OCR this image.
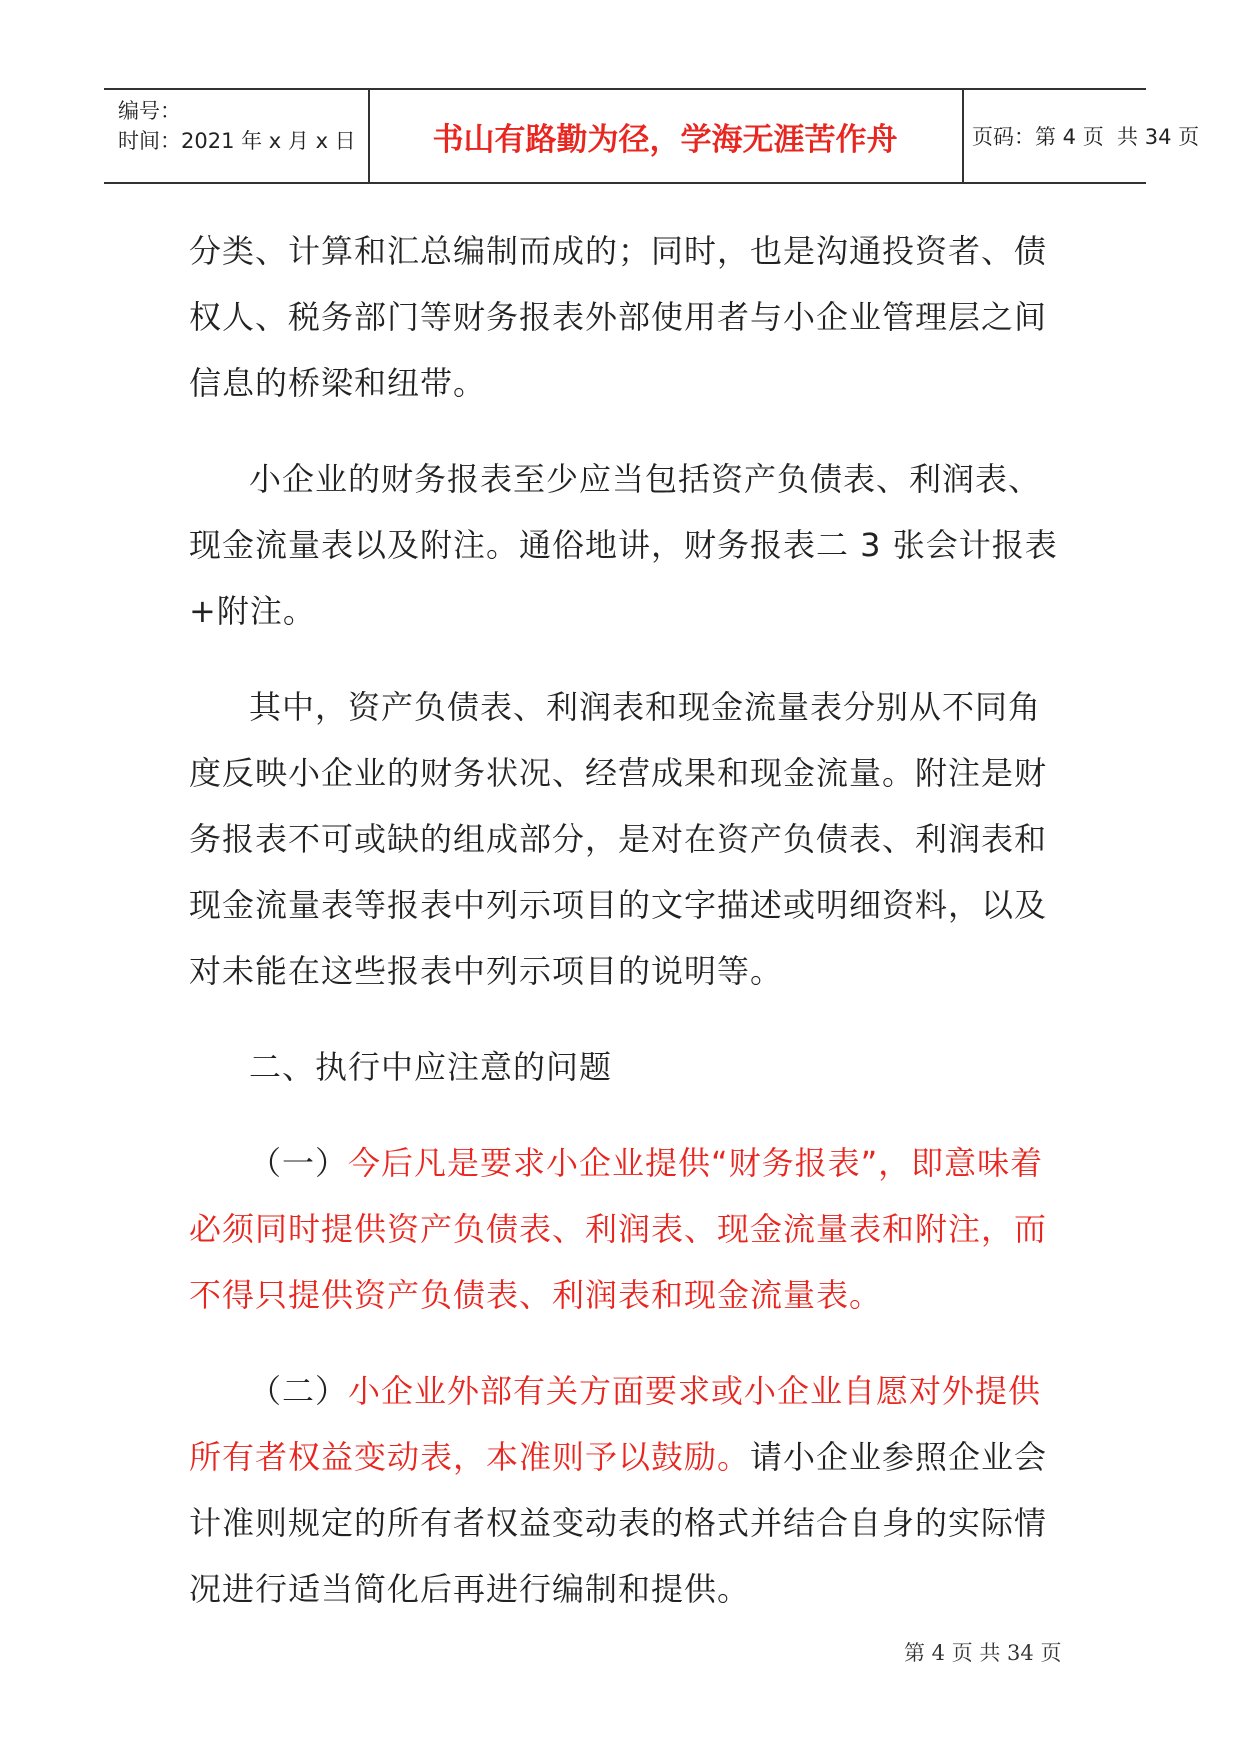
编号：
时间：2021 年 x 月 x 日	书山有路勤为径，学海无涯苦作舟	页码：第 4 页  共 34 页

分类、计算和汇总编制而成的；同时，也是沟通投资者、债权人、税务部门等财务报表外部使用者与小企业管理层之间信息的桥梁和纽带。

小企业的财务报表至少应当包括资产负债表、利润表、现金流量表以及附注。通俗地讲，财务报表二 3 张会计报表+附注。

其中，资产负债表、利润表和现金流量表分别从不同角度反映小企业的财务状况、经营成果和现金流量。附注是财务报表不可或缺的组成部分，是对在资产负债表、利润表和现金流量表等报表中列示项目的文字描述或明细资料，以及对未能在这些报表中列示项目的说明等。

二、执行中应注意的问题

（一）今后凡是要求小企业提供“财务报表”，即意味着必须同时提供资产负债表、利润表、现金流量表和附注，而不得只提供资产负债表、利润表和现金流量表。

（二）小企业外部有关方面要求或小企业自愿对外提供所有者权益变动表，本准则予以鼓励。请小企业参照企业会计准则规定的所有者权益变动表的格式并结合自身的实际情况进行适当简化后再进行编制和提供。

第 4 页 共 34 页
